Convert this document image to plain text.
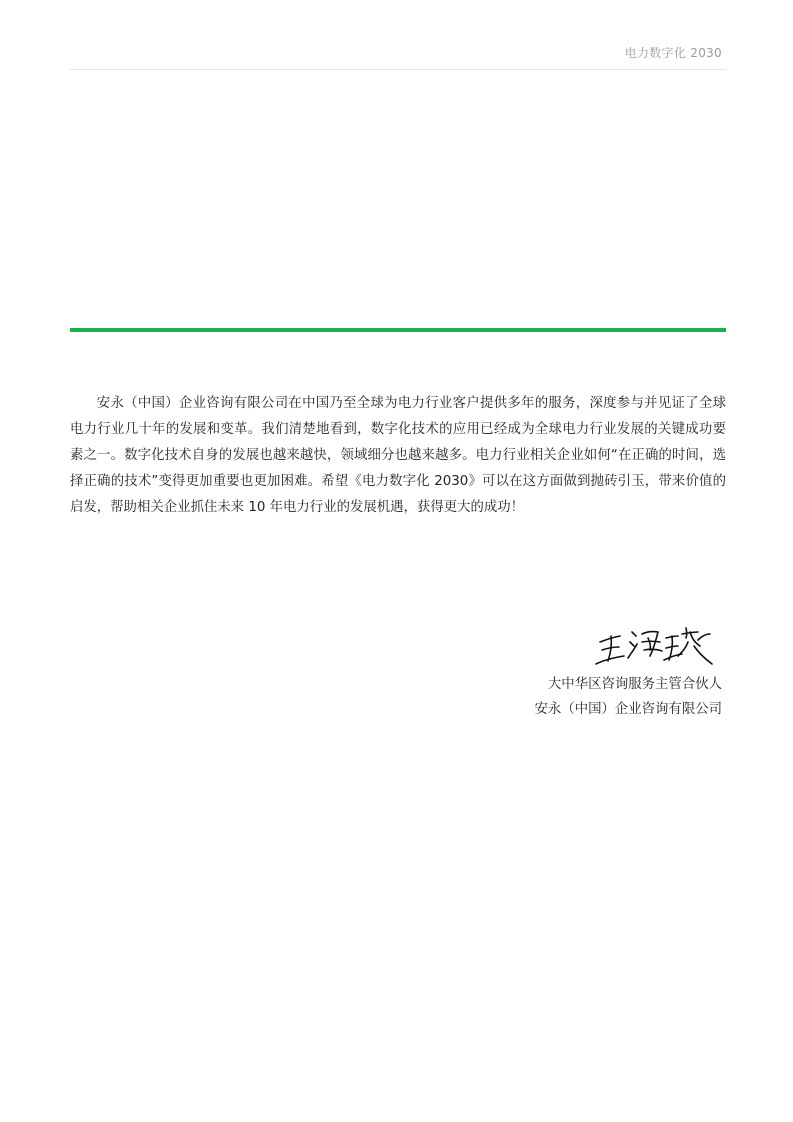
电力数字化 2030

安永（中国）企业咨询有限公司在中国乃至全球为电力行业客户提供多年的服务，深度参与并见证了全球电力行业几十年的发展和变革。我们清楚地看到，数字化技术的应用已经成为全球电力行业发展的关键成功要素之一。数字化技术自身的发展也越来越快，领域细分也越来越多。电力行业相关企业如何“在正确的时间，选择正确的技术”变得更加重要也更加困难。希望《电力数字化 2030》可以在这方面做到抛砖引玉，带来价值的启发，帮助相关企业抓住未来 10 年电力行业的发展机遇，获得更大的成功！

大中华区咨询服务主管合伙人
安永（中国）企业咨询有限公司
